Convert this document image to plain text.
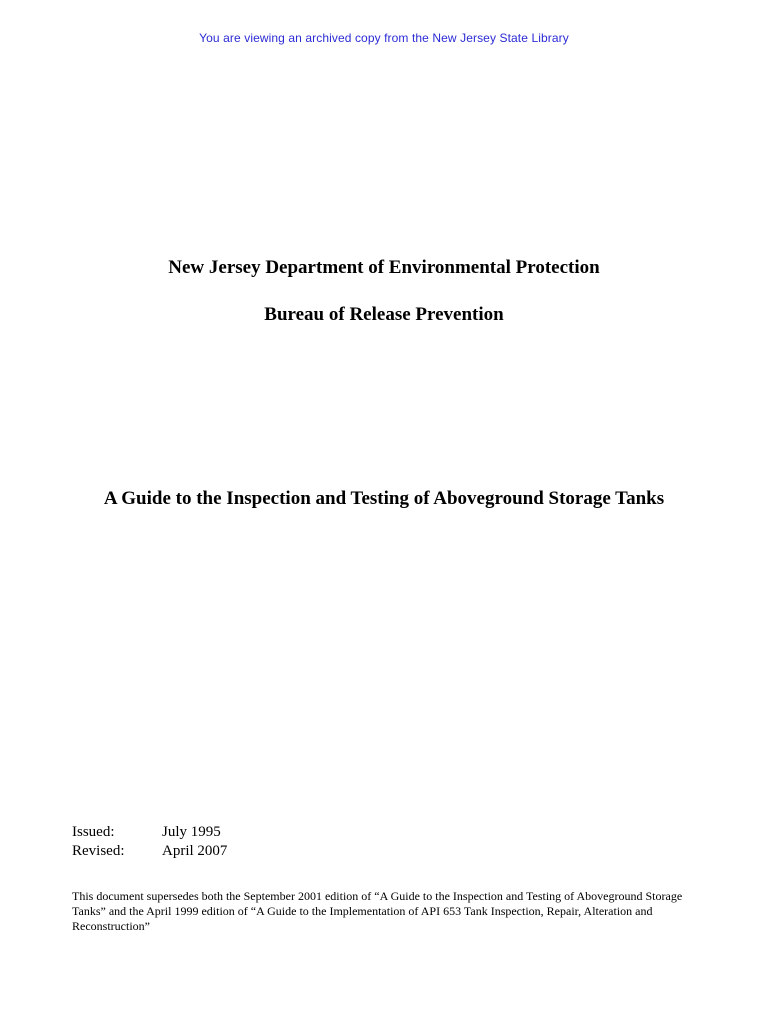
You are viewing an archived copy from the New Jersey State Library
New Jersey Department of Environmental Protection
Bureau of Release Prevention
A Guide to the Inspection and Testing of Aboveground Storage Tanks
Issued:	July 1995
Revised:	April 2007
This document supersedes both the September 2001 edition of “A Guide to the Inspection and Testing of Aboveground Storage Tanks” and the April 1999 edition of “A Guide to the Implementation of API 653 Tank Inspection, Repair, Alteration and Reconstruction”
